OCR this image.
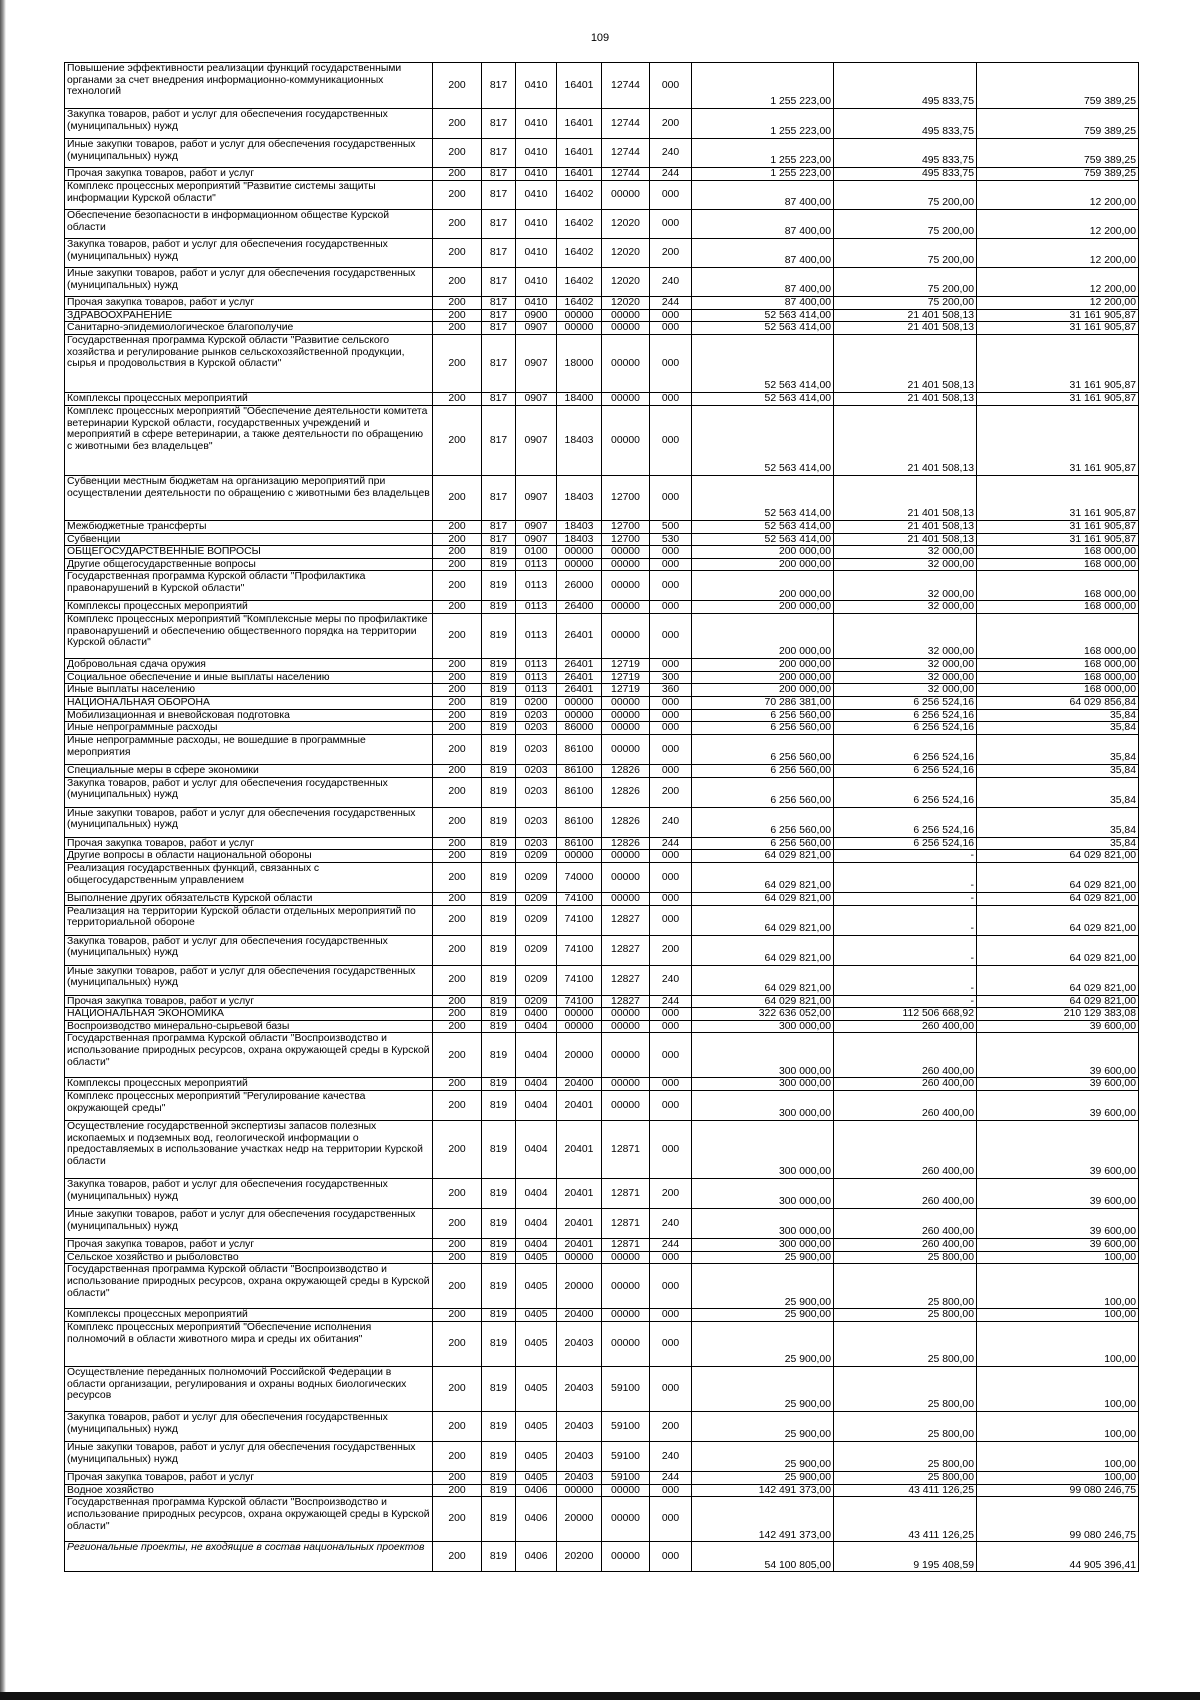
109
Повышение эффективности реализации функций государственными органами за счет внедрения информационно-коммуникационных технологий	200	817	0410	16401	12744	000	1 255 223,00	495 833,75	759 389,25
Закупка товаров, работ и услуг для обеспечения государственных (муниципальных) нужд	200	817	0410	16401	12744	200	1 255 223,00	495 833,75	759 389,25
Иные закупки товаров, работ и услуг для обеспечения государственных (муниципальных) нужд	200	817	0410	16401	12744	240	1 255 223,00	495 833,75	759 389,25
Прочая закупка товаров, работ и услуг	200	817	0410	16401	12744	244	1 255 223,00	495 833,75	759 389,25
Комплекс процессных мероприятий "Развитие системы защиты информации Курской области"	200	817	0410	16402	00000	000	87 400,00	75 200,00	12 200,00
Обеспечение безопасности в информационном обществе Курской области	200	817	0410	16402	12020	000	87 400,00	75 200,00	12 200,00
Закупка товаров, работ и услуг для обеспечения государственных (муниципальных) нужд	200	817	0410	16402	12020	200	87 400,00	75 200,00	12 200,00
Иные закупки товаров, работ и услуг для обеспечения государственных (муниципальных) нужд	200	817	0410	16402	12020	240	87 400,00	75 200,00	12 200,00
Прочая закупка товаров, работ и услуг	200	817	0410	16402	12020	244	87 400,00	75 200,00	12 200,00
ЗДРАВООХРАНЕНИЕ	200	817	0900	00000	00000	000	52 563 414,00	21 401 508,13	31 161 905,87
Санитарно-эпидемиологическое благополучие	200	817	0907	00000	00000	000	52 563 414,00	21 401 508,13	31 161 905,87
Государственная программа Курской области "Развитие сельского хозяйства и регулирование рынков сельскохозяйственной продукции, сырья и продовольствия в Курской области"	200	817	0907	18000	00000	000	52 563 414,00	21 401 508,13	31 161 905,87
Комплексы процессных мероприятий	200	817	0907	18400	00000	000	52 563 414,00	21 401 508,13	31 161 905,87
Комплекс процессных мероприятий "Обеспечение деятельности комитета ветеринарии Курской области, государственных учреждений и мероприятий в сфере ветеринарии, а также деятельности по обращению с животными без владельцев"	200	817	0907	18403	00000	000	52 563 414,00	21 401 508,13	31 161 905,87
Субвенции местным бюджетам на организацию мероприятий при осуществлении деятельности по обращению с животными без владельцев	200	817	0907	18403	12700	000	52 563 414,00	21 401 508,13	31 161 905,87
Межбюджетные трансферты	200	817	0907	18403	12700	500	52 563 414,00	21 401 508,13	31 161 905,87
Субвенции	200	817	0907	18403	12700	530	52 563 414,00	21 401 508,13	31 161 905,87
ОБЩЕГОСУДАРСТВЕННЫЕ ВОПРОСЫ	200	819	0100	00000	00000	000	200 000,00	32 000,00	168 000,00
Другие общегосударственные вопросы	200	819	0113	00000	00000	000	200 000,00	32 000,00	168 000,00
Государственная программа Курской области "Профилактика правонарушений в Курской области"	200	819	0113	26000	00000	000	200 000,00	32 000,00	168 000,00
Комплексы процессных мероприятий	200	819	0113	26400	00000	000	200 000,00	32 000,00	168 000,00
Комплекс процессных мероприятий "Комплексные меры по профилактике правонарушений и обеспечению общественного порядка на территории Курской области"	200	819	0113	26401	00000	000	200 000,00	32 000,00	168 000,00
Добровольная сдача оружия	200	819	0113	26401	12719	000	200 000,00	32 000,00	168 000,00
Социальное обеспечение и иные выплаты населению	200	819	0113	26401	12719	300	200 000,00	32 000,00	168 000,00
Иные выплаты населению	200	819	0113	26401	12719	360	200 000,00	32 000,00	168 000,00
НАЦИОНАЛЬНАЯ ОБОРОНА	200	819	0200	00000	00000	000	70 286 381,00	6 256 524,16	64 029 856,84
Мобилизационная и вневойсковая подготовка	200	819	0203	00000	00000	000	6 256 560,00	6 256 524,16	35,84
Иные непрограммные расходы	200	819	0203	86000	00000	000	6 256 560,00	6 256 524,16	35,84
Иные непрограммные расходы, не вошедшие в программные мероприятия	200	819	0203	86100	00000	000	6 256 560,00	6 256 524,16	35,84
Специальные меры в сфере экономики	200	819	0203	86100	12826	000	6 256 560,00	6 256 524,16	35,84
Закупка товаров, работ и услуг для обеспечения государственных (муниципальных) нужд	200	819	0203	86100	12826	200	6 256 560,00	6 256 524,16	35,84
Иные закупки товаров, работ и услуг для обеспечения государственных (муниципальных) нужд	200	819	0203	86100	12826	240	6 256 560,00	6 256 524,16	35,84
Прочая закупка товаров, работ и услуг	200	819	0203	86100	12826	244	6 256 560,00	6 256 524,16	35,84
Другие вопросы в области национальной обороны	200	819	0209	00000	00000	000	64 029 821,00	-	64 029 821,00
Реализация государственных функций, связанных с общегосударственным управлением	200	819	0209	74000	00000	000	64 029 821,00	-	64 029 821,00
Выполнение других обязательств Курской области	200	819	0209	74100	00000	000	64 029 821,00	-	64 029 821,00
Реализация на территории Курской области отдельных мероприятий по территориальной обороне	200	819	0209	74100	12827	000	64 029 821,00	-	64 029 821,00
Закупка товаров, работ и услуг для обеспечения государственных (муниципальных) нужд	200	819	0209	74100	12827	200	64 029 821,00	-	64 029 821,00
Иные закупки товаров, работ и услуг для обеспечения государственных (муниципальных) нужд	200	819	0209	74100	12827	240	64 029 821,00	-	64 029 821,00
Прочая закупка товаров, работ и услуг	200	819	0209	74100	12827	244	64 029 821,00	-	64 029 821,00
НАЦИОНАЛЬНАЯ ЭКОНОМИКА	200	819	0400	00000	00000	000	322 636 052,00	112 506 668,92	210 129 383,08
Воспроизводство минерально-сырьевой базы	200	819	0404	00000	00000	000	300 000,00	260 400,00	39 600,00
Государственная программа Курской области "Воспроизводство и использование природных ресурсов, охрана окружающей среды в Курской области"	200	819	0404	20000	00000	000	300 000,00	260 400,00	39 600,00
Комплексы процессных мероприятий	200	819	0404	20400	00000	000	300 000,00	260 400,00	39 600,00
Комплекс процессных мероприятий "Регулирование качества окружающей среды"	200	819	0404	20401	00000	000	300 000,00	260 400,00	39 600,00
Осуществление государственной экспертизы запасов полезных ископаемых и подземных вод, геологической информации о предоставляемых в использование участках недр на территории Курской области	200	819	0404	20401	12871	000	300 000,00	260 400,00	39 600,00
Закупка товаров, работ и услуг для обеспечения государственных (муниципальных) нужд	200	819	0404	20401	12871	200	300 000,00	260 400,00	39 600,00
Иные закупки товаров, работ и услуг для обеспечения государственных (муниципальных) нужд	200	819	0404	20401	12871	240	300 000,00	260 400,00	39 600,00
Прочая закупка товаров, работ и услуг	200	819	0404	20401	12871	244	300 000,00	260 400,00	39 600,00
Сельское хозяйство и рыболовство	200	819	0405	00000	00000	000	25 900,00	25 800,00	100,00
Государственная программа Курской области "Воспроизводство и использование природных ресурсов, охрана окружающей среды в Курской области"	200	819	0405	20000	00000	000	25 900,00	25 800,00	100,00
Комплексы процессных мероприятий	200	819	0405	20400	00000	000	25 900,00	25 800,00	100,00
Комплекс процессных мероприятий "Обеспечение исполнения полномочий в области животного мира и среды их обитания"	200	819	0405	20403	00000	000	25 900,00	25 800,00	100,00
Осуществление переданных полномочий Российской Федерации в области организации, регулирования и охраны водных биологических ресурсов	200	819	0405	20403	59100	000	25 900,00	25 800,00	100,00
Закупка товаров, работ и услуг для обеспечения государственных (муниципальных) нужд	200	819	0405	20403	59100	200	25 900,00	25 800,00	100,00
Иные закупки товаров, работ и услуг для обеспечения государственных (муниципальных) нужд	200	819	0405	20403	59100	240	25 900,00	25 800,00	100,00
Прочая закупка товаров, работ и услуг	200	819	0405	20403	59100	244	25 900,00	25 800,00	100,00
Водное хозяйство	200	819	0406	00000	00000	000	142 491 373,00	43 411 126,25	99 080 246,75
Государственная программа Курской области "Воспроизводство и использование природных ресурсов, охрана окружающей среды в Курской области"	200	819	0406	20000	00000	000	142 491 373,00	43 411 126,25	99 080 246,75
Региональные проекты, не входящие в состав национальных проектов	200	819	0406	20200	00000	000	54 100 805,00	9 195 408,59	44 905 396,41
